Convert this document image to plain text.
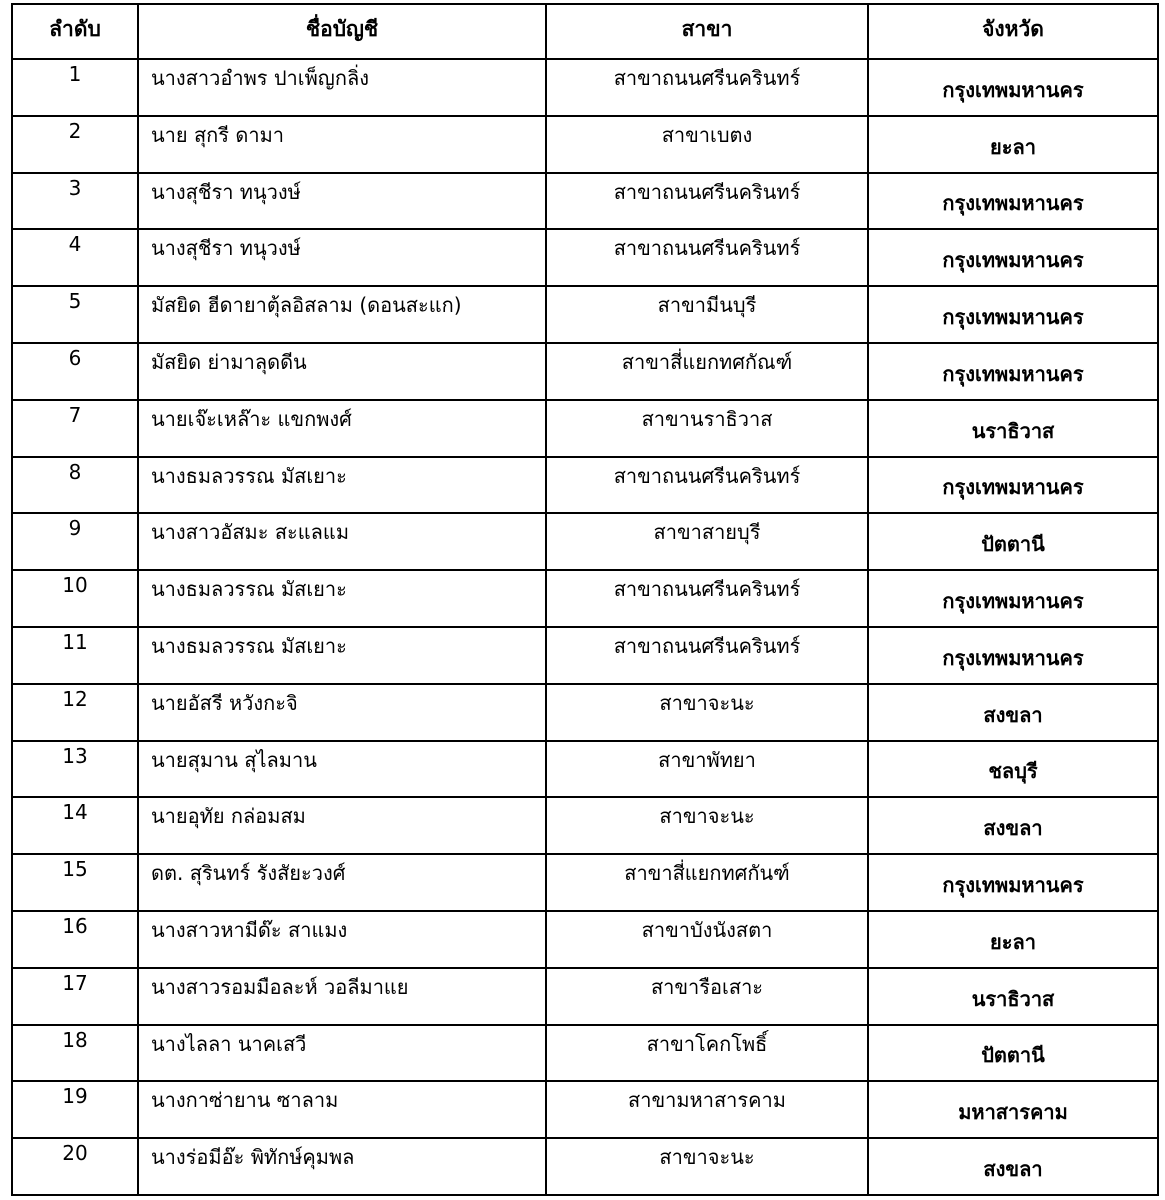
ลำดับ	ชื่อบัญชี	สาขา	จังหวัด
1	นางสาวอำพร ปาเพ็ญกลิ่ง	สาขาถนนศรีนครินทร์	กรุงเทพมหานคร
2	นาย สุกรี ดามา	สาขาเบตง	ยะลา
3	นางสุชีรา ทนุวงษ์	สาขาถนนศรีนครินทร์	กรุงเทพมหานคร
4	นางสุชีรา ทนุวงษ์	สาขาถนนศรีนครินทร์	กรุงเทพมหานคร
5	มัสยิด ฮีดายาตุ้ลอิสลาม (ดอนสะแก)	สาขามีนบุรี	กรุงเทพมหานคร
6	มัสยิด ย่ามาลุดดีน	สาขาสี่แยกทศกัณฑ์	กรุงเทพมหานคร
7	นายเจ๊ะเหล๊าะ แขกพงศ์	สาขานราธิวาส	นราธิวาส
8	นางธมลวรรณ มัสเยาะ	สาขาถนนศรีนครินทร์	กรุงเทพมหานคร
9	นางสาวอัสมะ สะแลแม	สาขาสายบุรี	ปัตตานี
10	นางธมลวรรณ มัสเยาะ	สาขาถนนศรีนครินทร์	กรุงเทพมหานคร
11	นางธมลวรรณ มัสเยาะ	สาขาถนนศรีนครินทร์	กรุงเทพมหานคร
12	นายอัสรี หวังกะจิ	สาขาจะนะ	สงขลา
13	นายสุมาน สุไลมาน	สาขาพัทยา	ชลบุรี
14	นายอุทัย กล่อมสม	สาขาจะนะ	สงขลา
15	ดต. สุรินทร์ รังสัยะวงศ์	สาขาสี่แยกทศกันฑ์	กรุงเทพมหานคร
16	นางสาวหามีด๊ะ สาแมง	สาขาบังนังสตา	ยะลา
17	นางสาวรอมมือละห์ วอลีมาแย	สาขารือเสาะ	นราธิวาส
18	นางไลลา นาคเสวี	สาขาโคกโพธิ์	ปัตตานี
19	นางกาซ่ายาน ซาลาม	สาขามหาสารคาม	มหาสารคาม
20	นางร่อมีอ๊ะ พิทักษ์คุมพล	สาขาจะนะ	สงขลา
